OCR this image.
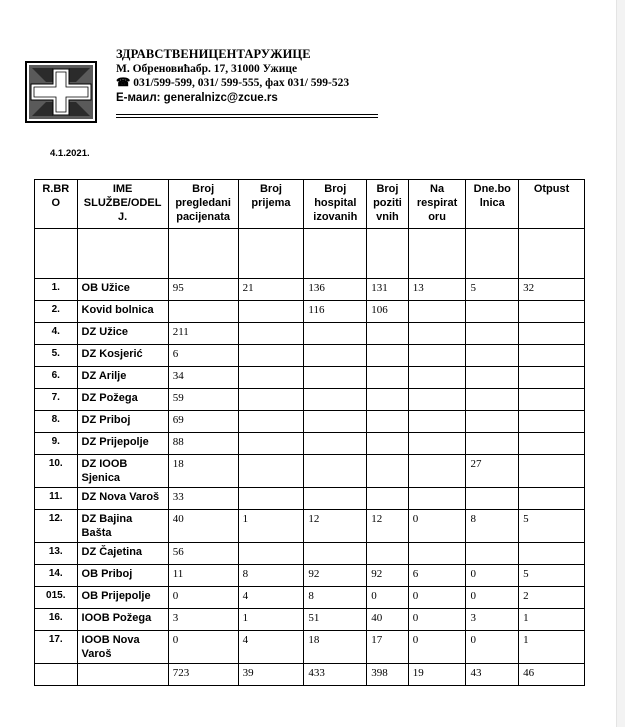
ЗДРАВСТВЕНИЦЕНТАРУЖИЦЕ
М. Обреновићабр. 17, 31000 Ужице
☎ 031/599-599, 031/ 599-555, фах 031/ 599-523
Е-маил: generalnizc@zcue.rs
4.1.2021.
R.BR O	IME SLUŽBE/ODEL J.	Broj pregledani pacijenata	Broj prijema	Broj hospital izovanih	Broj poziti vnih	Na respirat oru	Dne.bo lnica	Otpust

1.	OB Užice	95	21	136	131	13	5	32
2.	Kovid bolnica			116	106			
4.	DZ Užice	211						
5.	DZ Kosjerić	6						
6.	DZ Arilje	34						
7.	DZ Požega	59						
8.	DZ Priboj	69						
9.	DZ Prijepolje	88						
10.	DZ IOOB Sjenica	18					27	
11.	DZ Nova Varoš	33						
12.	DZ Bajina Bašta	40	1	12	12	0	8	5
13.	DZ Čajetina	56						
14.	OB Priboj	11	8	92	92	6	0	5
015.	OB Prijepolje	0	4	8	0	0	0	2
16.	IOOB Požega	3	1	51	40	0	3	1
17.	IOOB Nova Varoš	0	4	18	17	0	0	1
		723	39	433	398	19	43	46
